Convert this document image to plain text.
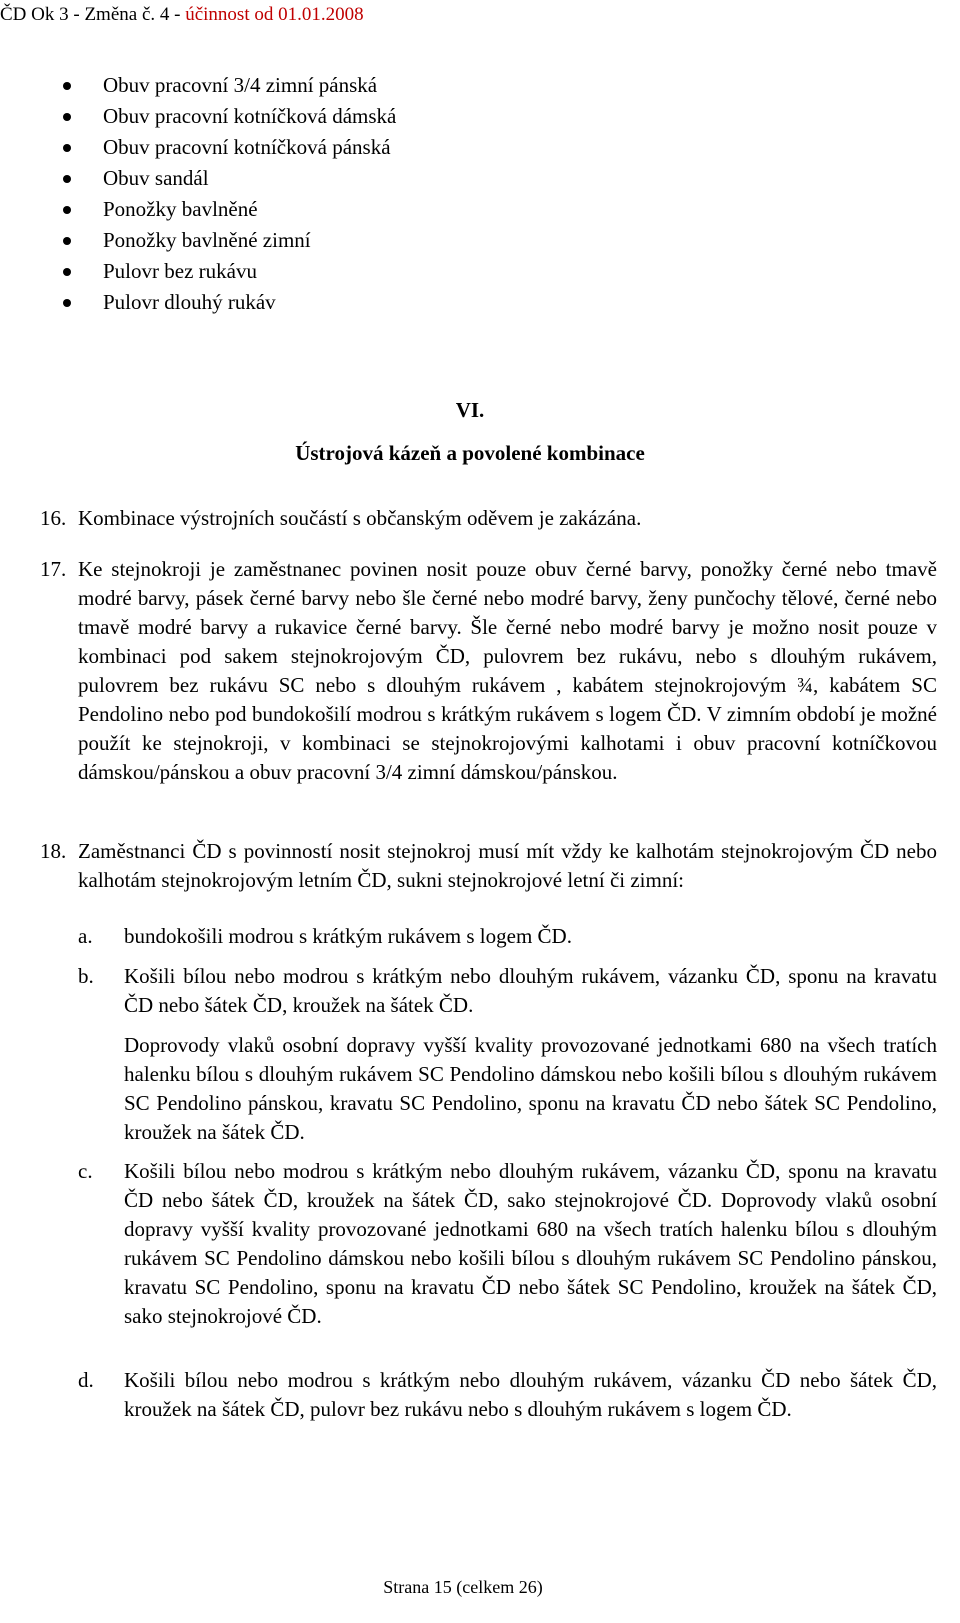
ČD Ok 3 - Změna č. 4 - účinnost od 01.01.2008
Obuv pracovní 3/4 zimní pánská
Obuv pracovní kotníčková dámská
Obuv pracovní kotníčková pánská
Obuv sandál
Ponožky bavlněné
Ponožky bavlněné zimní
Pulovr bez rukávu
Pulovr dlouhý rukáv
VI.
Ústrojová kázeň a povolené kombinace
16. Kombinace výstrojních součástí s občanským oděvem je zakázána.
17. Ke stejnokroji je zaměstnanec povinen nosit pouze obuv černé barvy, ponožky černé nebo tmavě modré barvy, pásek černé barvy nebo šle černé nebo modré barvy, ženy punčochy tělové, černé nebo tmavě modré barvy a rukavice černé barvy. Šle černé nebo modré barvy je možno nosit pouze v kombinaci pod sakem stejnokrojovým ČD, pulovrem bez rukávu, nebo s dlouhým rukávem, pulovrem bez rukávu SC nebo s dlouhým rukávem , kabátem stejnokrojovým ¾, kabátem SC Pendolino nebo pod bundokošilí modrou s krátkým rukávem s logem ČD. V zimním období je možné použít ke stejnokroji, v kombinaci se stejnokrojovými kalhotami i obuv pracovní kotníčkovou dámskou/pánskou a obuv pracovní 3/4 zimní dámskou/pánskou.
18. Zaměstnanci ČD s povinností nosit stejnokroj musí mít vždy ke kalhotám stejnokrojovým ČD nebo kalhotám stejnokrojovým letním ČD, sukni stejnokrojové letní či zimní:
a. bundokošili modrou s krátkým rukávem s logem ČD.
b. Košili bílou nebo modrou s krátkým nebo dlouhým rukávem, vázanku ČD, sponu na kravatu ČD nebo šátek ČD, kroužek na šátek ČD.
Doprovody vlaků osobní dopravy vyšší kvality provozované jednotkami 680 na všech tratích halenku bílou s dlouhým rukávem SC Pendolino dámskou nebo košili bílou s dlouhým rukávem SC Pendolino pánskou, kravatu SC Pendolino, sponu na kravatu ČD nebo šátek SC Pendolino, kroužek na šátek ČD.
c. Košili bílou nebo modrou s krátkým nebo dlouhým rukávem, vázanku ČD, sponu na kravatu ČD nebo šátek ČD, kroužek na šátek ČD, sako stejnokrojové ČD. Doprovody vlaků osobní dopravy vyšší kvality provozované jednotkami 680 na všech tratích halenku bílou s dlouhým rukávem SC Pendolino dámskou nebo košili bílou s dlouhým rukávem SC Pendolino pánskou, kravatu SC Pendolino, sponu na kravatu ČD nebo šátek SC Pendolino, kroužek na šátek ČD, sako stejnokrojové ČD.
d. Košili bílou nebo modrou s krátkým nebo dlouhým rukávem, vázanku ČD nebo šátek ČD, kroužek na šátek ČD, pulovr bez rukávu nebo s dlouhým rukávem s logem ČD.
Strana 15 (celkem 26)
